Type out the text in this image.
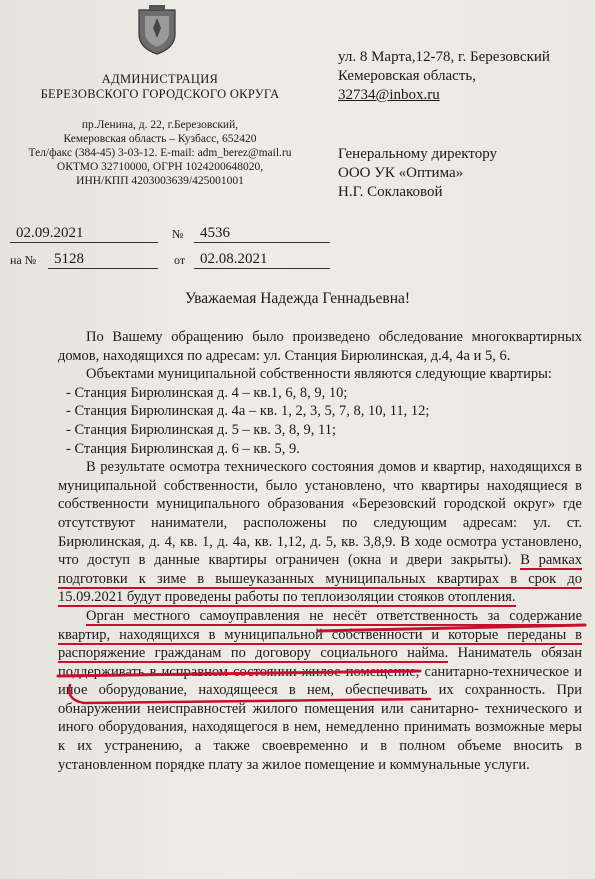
АДМИНИСТРАЦИЯ
БЕРЕЗОВСКОГО ГОРОДСКОГО ОКРУГА
пр.Ленина, д. 22, г.Березовский,
Кемеровская область – Кузбасс, 652420
Тел/факс (384-45) 3-03-12. E-mail: adm_berez@mail.ru
ОКТМО 32710000, ОГРН 1024200648020,
ИНН/КПП 4203003639/425001001
ул. 8 Марта,12-78, г. Березовский
Кемеровская область,
32734@inbox.ru
Генеральному директору
ООО УК «Оптима»
Н.Г. Соклаковой
02.09.2021	№	4536
на №	5128	от 02.08.2021
Уважаемая Надежда Геннадьевна!

По Вашему обращению было произведено обследование многоквартирных домов, находящихся по адресам: ул. Станция Бирюлинская, д.4, 4а и 5, 6.

Объектами муниципальной собственности являются следующие квартиры:

- Станция Бирюлинская д. 4 – кв.1, 6, 8, 9, 10;

- Станция Бирюлинская д. 4а – кв. 1, 2, 3, 5, 7, 8, 10, 11, 12;

- Станция Бирюлинская д. 5 – кв. 3, 8, 9, 11;

- Станция Бирюлинская д. 6 – кв. 5, 9.

В результате осмотра технического состояния домов и квартир, находящихся в муниципальной собственности, было установлено, что квартиры находящиеся в собственности муниципального образования «Березовский городской округ» где отсутствуют наниматели, расположены по следующим адресам: ул. ст. Бирюлинская, д. 4, кв. 1, д. 4а, кв. 1,12, д. 5, кв. 3,8,9. В ходе осмотра установлено, что доступ в данные квартиры ограничен (окна и двери закрыты). В рамках подготовки к зиме в вышеуказанных муниципальных квартирах в срок до 15.09.2021 будут проведены работы по теплоизоляции стояков отопления.

Орган местного самоуправления не несёт ответственность за содержание квартир, находящихся в муниципальной собственности и которые переданы в распоряжение гражданам по договору социального найма. Наниматель обязан поддерживать в исправном состоянии жилое помещение, санитарно-техническое и иное оборудование, находящееся в нем, обеспечивать их сохранность. При обнаружении неисправностей жилого помещения или санитарно- технического и иного оборудования, находящегося в нем, немедленно принимать возможные меры к их устранению, а также своевременно и в полном объеме вносить в установленном порядке плату за жилое помещение и коммунальные услуги.
